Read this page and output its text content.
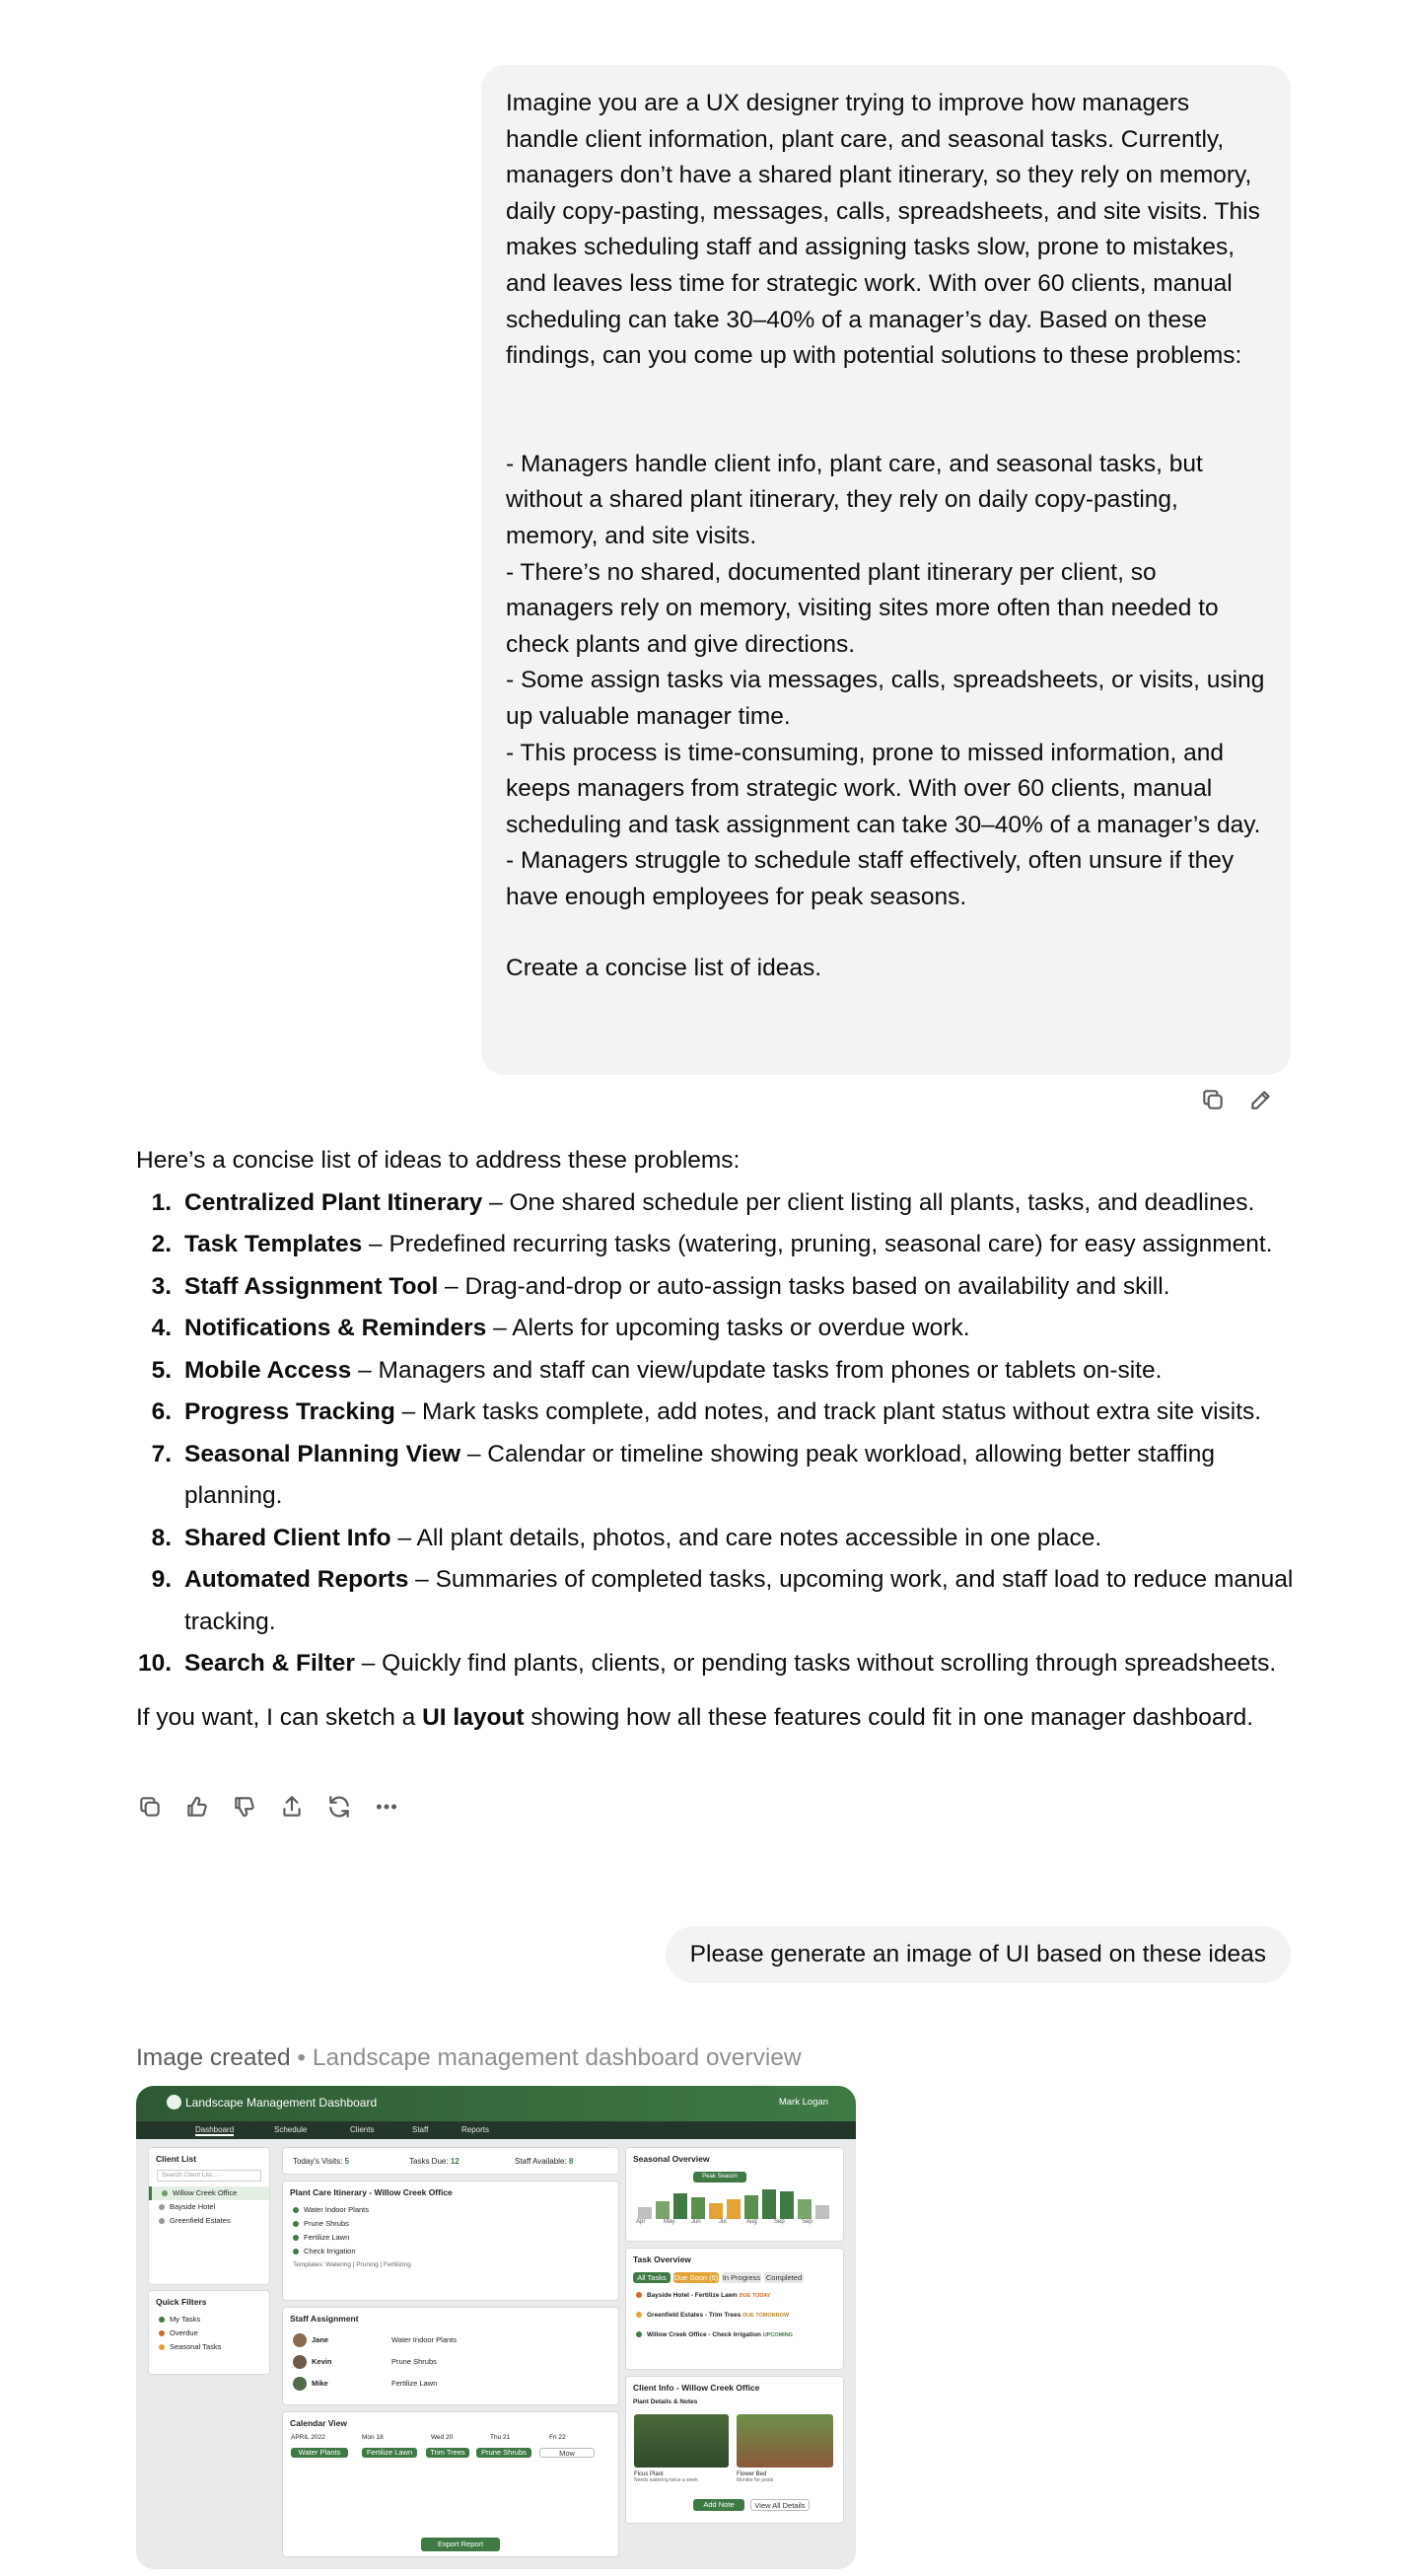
Imagine you are a UX designer trying to improve how managers handle client information, plant care, and seasonal tasks. Currently, managers don’t have a shared plant itinerary, so they rely on memory, daily copy-pasting, messages, calls, spreadsheets, and site visits. This makes scheduling staff and assigning tasks slow, prone to mistakes, and leaves less time for strategic work. With over 60 clients, manual scheduling can take 30–40% of a manager’s day. Based on these findings, can you come up with potential solutions to these problems:

- Managers handle client info, plant care, and seasonal tasks, but without a shared plant itinerary, they rely on daily copy-pasting, memory, and site visits.
- There’s no shared, documented plant itinerary per client, so managers rely on memory, visiting sites more often than needed to check plants and give directions.
- Some assign tasks via messages, calls, spreadsheets, or visits, using up valuable manager time.
- This process is time-consuming, prone to missed information, and keeps managers from strategic work. With over 60 clients, manual scheduling and task assignment can take 30–40% of a manager’s day.
- Managers struggle to schedule staff effectively, often unsure if they have enough employees for peak seasons.

Create a concise list of ideas.

Here’s a concise list of ideas to address these problems:

1. Centralized Plant Itinerary – One shared schedule per client listing all plants, tasks, and deadlines.
2. Task Templates – Predefined recurring tasks (watering, pruning, seasonal care) for easy assignment.
3. Staff Assignment Tool – Drag-and-drop or auto-assign tasks based on availability and skill.
4. Notifications & Reminders – Alerts for upcoming tasks or overdue work.
5. Mobile Access – Managers and staff can view/update tasks from phones or tablets on-site.
6. Progress Tracking – Mark tasks complete, add notes, and track plant status without extra site visits.
7. Seasonal Planning View – Calendar or timeline showing peak workload, allowing better staffing planning.
8. Shared Client Info – All plant details, photos, and care notes accessible in one place.
9. Automated Reports – Summaries of completed tasks, upcoming work, and staff load to reduce manual tracking.
10. Search & Filter – Quickly find plants, clients, or pending tasks without scrolling through spreadsheets.

If you want, I can sketch a UI layout showing how all these features could fit in one manager dashboard.

Please generate an image of UI based on these ideas
Image created • Landscape management dashboard overview
Landscape Management Dashboard	Mark Logan
Dashboard	Schedule	Clients	Staff	Reports
Client List
Search Client List...
Willow Creek Office
Bayside Hotel
Greenfield Estates
Quick Filters
My Tasks
Overdue
Seasonal Tasks
Today's Visits: 5	Tasks Due: 12	Staff Available: 8
Plant Care Itinerary - Willow Creek Office
Water Indoor Plants
Prune Shrubs
Fertilize Lawn
Check Irrigation
Templates: Watering | Pruning | Fertilizing
Staff Assignment
Jane	Water Indoor Plants
Kevin	Prune Shrubs
Mike	Fertilize Lawn
Calendar View
APRIL 2022	Mon 18	Wed 20	Thu 21	Fri 22
Water Plants	Fertilize Lawn	Trim Trees	Prune Shrubs	Mow
Export Report
Seasonal Overview
Peak Season
Apr	May	Jun	Jul	Aug	Sep	Sep
Task Overview
All Tasks	Due Soon (5) In Progress Completed
Bayside Hotel - Fertilize Lawn DUE TODAY
Greenfield Estates - Trim Trees DUE TOMORROW
Willow Creek Office - Check Irrigation UPCOMING
Client Info - Willow Creek Office
Plant Details & Notes
Ficus Plant
Needs watering twice a week
Flower Bed
Monitor for pests
Add Note	View All Details
